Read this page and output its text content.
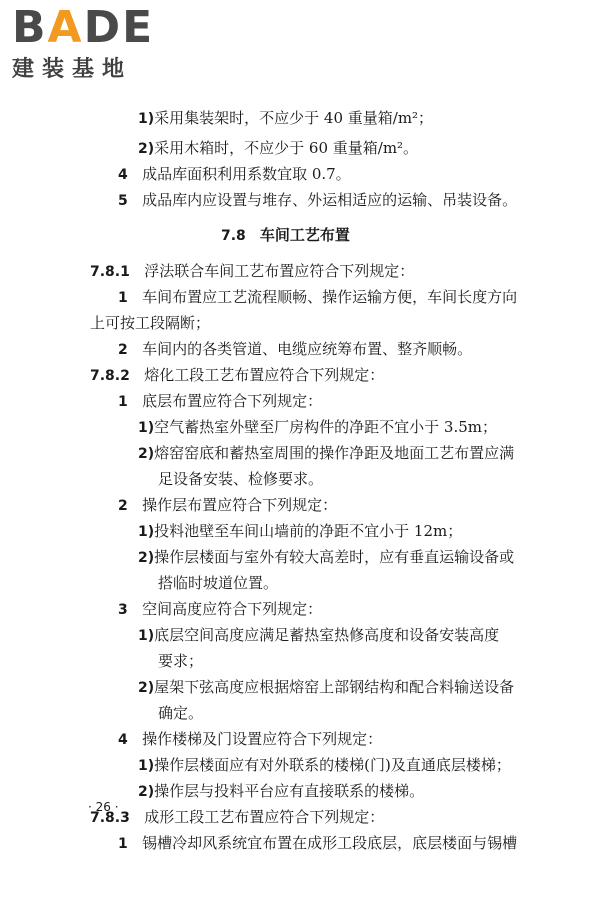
BADE
建装基地
1)采用集装架时，不应少于 40 重量箱/m²；
2)采用木箱时，不应少于 60 重量箱/m²。
4 成品库面积利用系数宜取 0.7。
5 成品库内应设置与堆存、外运相适应的运输、吊装设备。
7.8 车间工艺布置
7.8.1 浮法联合车间工艺布置应符合下列规定：
1 车间布置应工艺流程顺畅、操作运输方便，车间长度方向
上可按工段隔断；
2 车间内的各类管道、电缆应统筹布置、整齐顺畅。
7.8.2 熔化工段工艺布置应符合下列规定：
1 底层布置应符合下列规定：
1)空气蓄热室外壁至厂房构件的净距不宜小于 3.5m；
2)熔窑窑底和蓄热室周围的操作净距及地面工艺布置应满
足设备安装、检修要求。
2 操作层布置应符合下列规定：
1)投料池壁至车间山墙前的净距不宜小于 12m；
2)操作层楼面与室外有较大高差时，应有垂直运输设备或
搭临时坡道位置。
3 空间高度应符合下列规定：
1)底层空间高度应满足蓄热室热修高度和设备安装高度
要求；
2)屋架下弦高度应根据熔窑上部钢结构和配合料输送设备
确定。
4 操作楼梯及门设置应符合下列规定：
1)操作层楼面应有对外联系的楼梯(门)及直通底层楼梯；
2)操作层与投料平台应有直接联系的楼梯。
7.8.3 成形工段工艺布置应符合下列规定：
1 锡槽冷却风系统宜布置在成形工段底层，底层楼面与锡槽
· 26 ·
